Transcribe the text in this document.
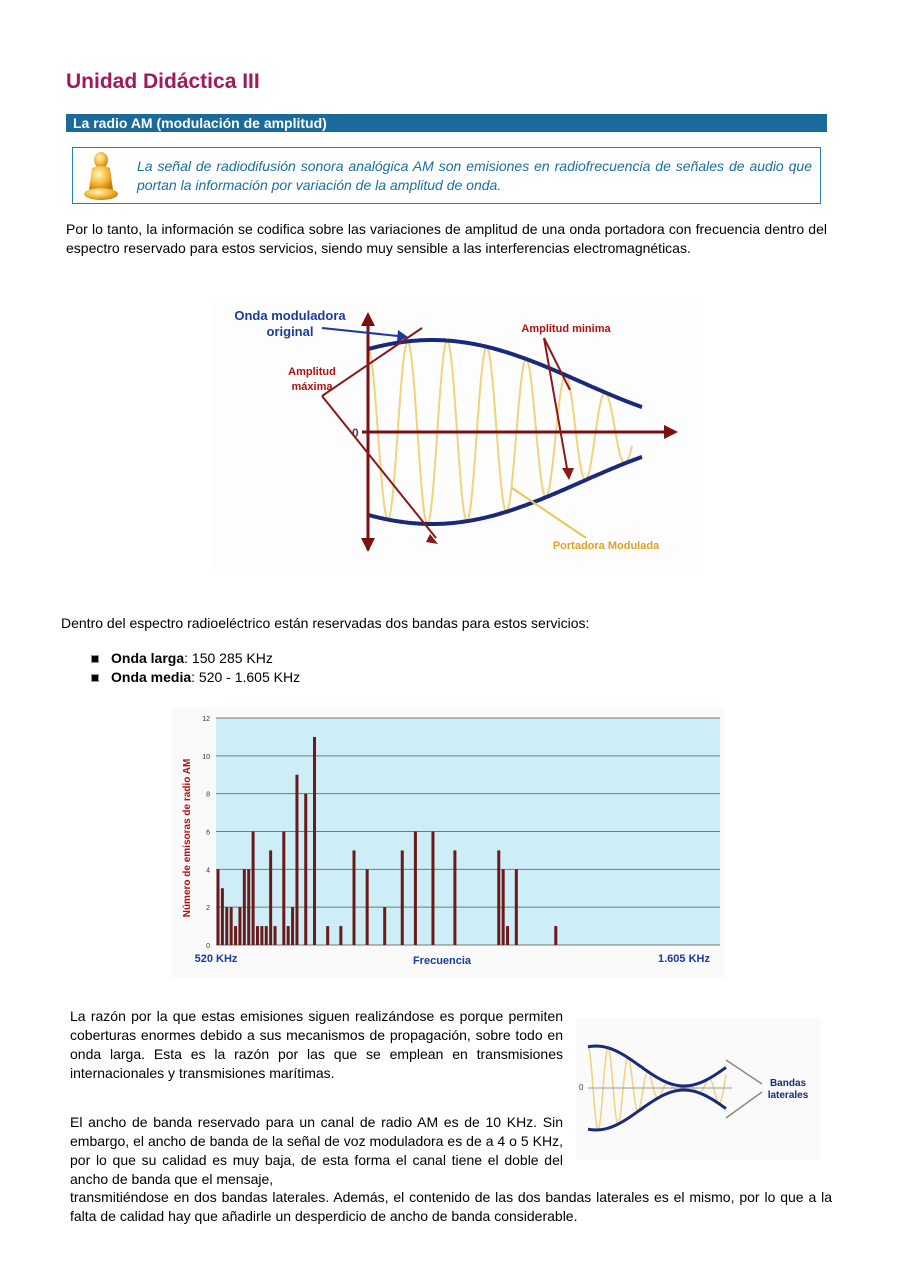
Unidad Didáctica III
La radio AM (modulación de amplitud)
La señal de radiodifusión sonora analógica AM son emisiones en radiofrecuencia de señales de audio que portan la información por variación de la amplitud de onda.
Por lo tanto, la información se codifica sobre las variaciones de amplitud de una onda portadora con frecuencia dentro del espectro reservado para estos servicios, siendo muy sensible a las interferencias electromagnéticas.
0
Onda moduladora
original
Amplitud
máxima
Amplitud minima
Portadora Modulada
Dentro del espectro radioeléctrico están reservadas dos bandas para estos servicios:
Onda larga: 150 285 KHz
Onda media: 520 - 1.605 KHz
0
2
4
6
8
10
12
Número de emisoras de radio AM
520 KHz	Frecuencia	1.605 KHz
La razón por la que estas emisiones siguen realizándose es porque permiten coberturas enormes debido a sus mecanismos de propagación, sobre todo en onda larga. Esta es la razón por las que se emplean en transmisiones internacionales y transmisiones marítimas.
El ancho de banda reservado para un canal de radio AM es de 10 KHz. Sin embargo, el ancho de banda de la señal de voz moduladora es de a 4 o 5 KHz, por lo que su calidad es muy baja, de esta forma el canal tiene el doble del ancho de banda que el mensaje,
transmitiéndose en dos bandas laterales. Además, el contenido de las dos bandas laterales es el mismo, por lo que a la falta de calidad hay que añadirle un desperdicio de ancho de banda considerable.
0	Bandas
laterales
